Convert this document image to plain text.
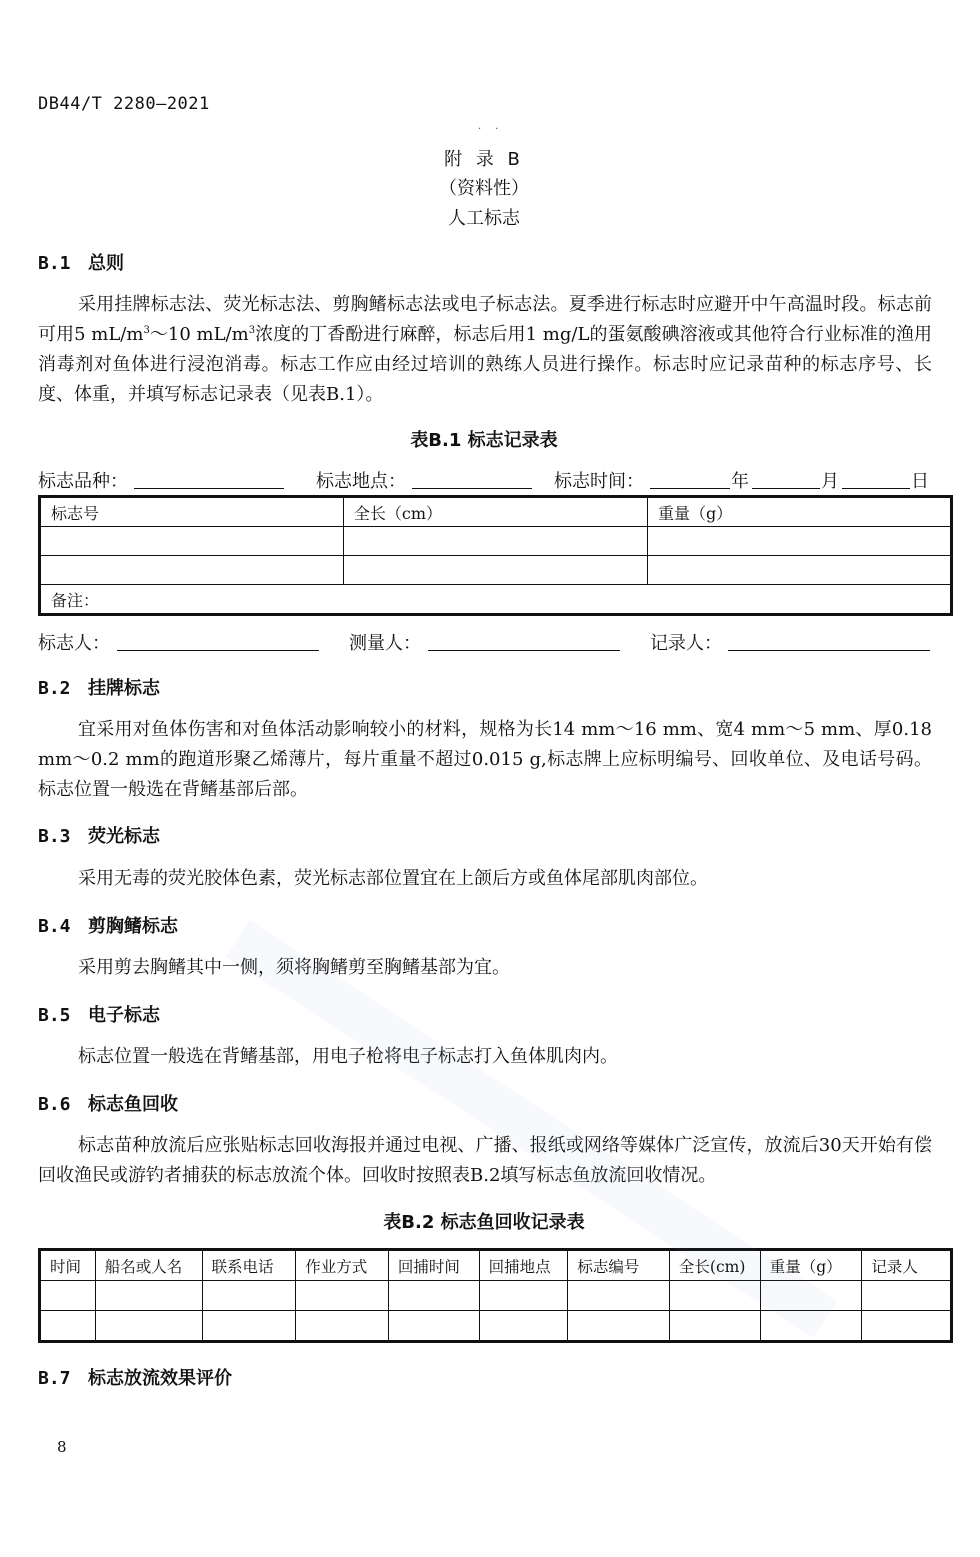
DB44/T 2280—2021
··
附 录 B
（资料性）
人工标志
B.1 总则

采用挂牌标志法、荧光标志法、剪胸鳍标志法或电子标志法。夏季进行标志时应避开中午高温时段。标志前可用5 $mL/m^3\sim 10$ $mL/m^3$浓度的丁香酚进行麻醉，标志后用1 mg/L的蛋氨酸碘溶液或其他符合行业标准的渔用消毒剂对鱼体进行浸泡消毒。标志工作应由经过培训的熟练人员进行操作。标志时应记录苗种的标志序号、长度、体重，并填写标志记录表（见表B.1）。

表B.1 标志记录表
标志品种：	标志地点：	标志时间：	年	月	日
标志号	全长（cm）	重量（g）

备注：		
标志人：	测量人：	记录人：
B.2 挂牌标志

宜采用对鱼体伤害和对鱼体活动影响较小的材料，规格为长14 mm～16 mm、宽4 mm～5 mm、厚0.18 mm～0.2 mm的跑道形聚乙烯薄片，每片重量不超过0.015 g,标志牌上应标明编号、回收单位、及电话号码。标志位置一般选在背鳍基部后部。

B.3 荧光标志

采用无毒的荧光胶体色素，荧光标志部位置宜在上颌后方或鱼体尾部肌肉部位。

B.4 剪胸鳍标志

采用剪去胸鳍其中一侧，须将胸鳍剪至胸鳍基部为宜。

B.5 电子标志

标志位置一般选在背鳍基部，用电子枪将电子标志打入鱼体肌肉内。

B.6 标志鱼回收

标志苗种放流后应张贴标志回收海报并通过电视、广播、报纸或网络等媒体广泛宣传，放流后30天开始有偿回收渔民或游钓者捕获的标志放流个体。回收时按照表B.2填写标志鱼放流回收情况。

表B.2 标志鱼回收记录表
时间	船名或人名	联系电话	作业方式	回捕时间	回捕地点	标志编号	全长(cm)	重量（g）	记录人

B.7 标志放流效果评价
8
